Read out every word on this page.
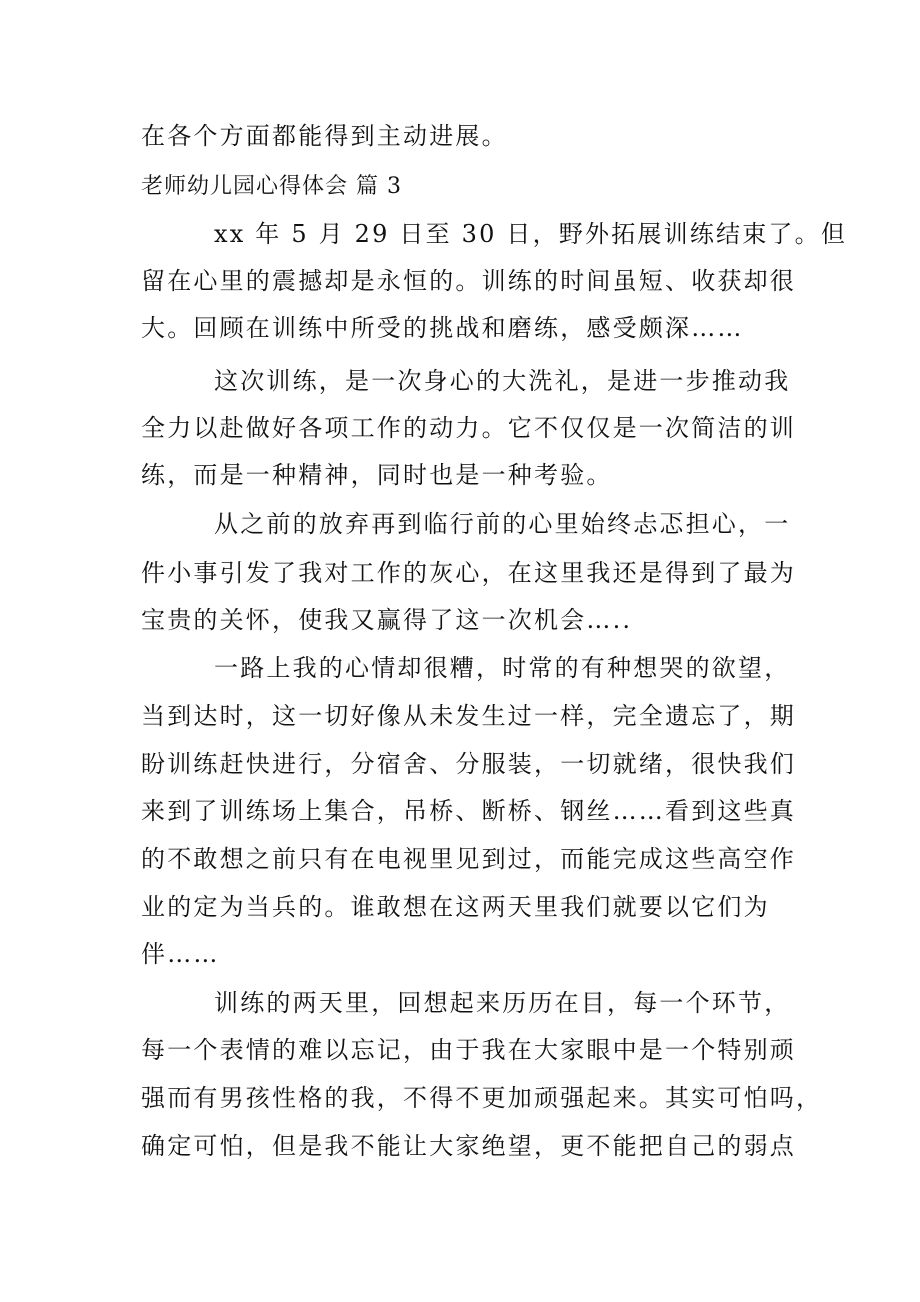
在各个方面都能得到主动进展。
老师幼儿园心得体会 篇 3
xx 年 5 月 29 日至 30 日，野外拓展训练结束了。但
留在心里的震撼却是永恒的。训练的时间虽短、收获却很
大。回顾在训练中所受的挑战和磨练，感受颇深……
这次训练，是一次身心的大洗礼，是进一步推动我
全力以赴做好各项工作的动力。它不仅仅是一次简洁的训
练，而是一种精神，同时也是一种考验。
从之前的放弃再到临行前的心里始终忐忑担心，一
件小事引发了我对工作的灰心，在这里我还是得到了最为
宝贵的关怀，使我又赢得了这一次机会…..
一路上我的心情却很糟，时常的有种想哭的欲望，
当到达时，这一切好像从未发生过一样，完全遗忘了，期
盼训练赶快进行，分宿舍、分服装，一切就绪，很快我们
来到了训练场上集合，吊桥、断桥、钢丝……看到这些真
的不敢想之前只有在电视里见到过，而能完成这些高空作
业的定为当兵的。谁敢想在这两天里我们就要以它们为
伴……
训练的两天里，回想起来历历在目，每一个环节，
每一个表情的难以忘记，由于我在大家眼中是一个特别顽
强而有男孩性格的我，不得不更加顽强起来。其实可怕吗，
确定可怕，但是我不能让大家绝望，更不能把自己的弱点
